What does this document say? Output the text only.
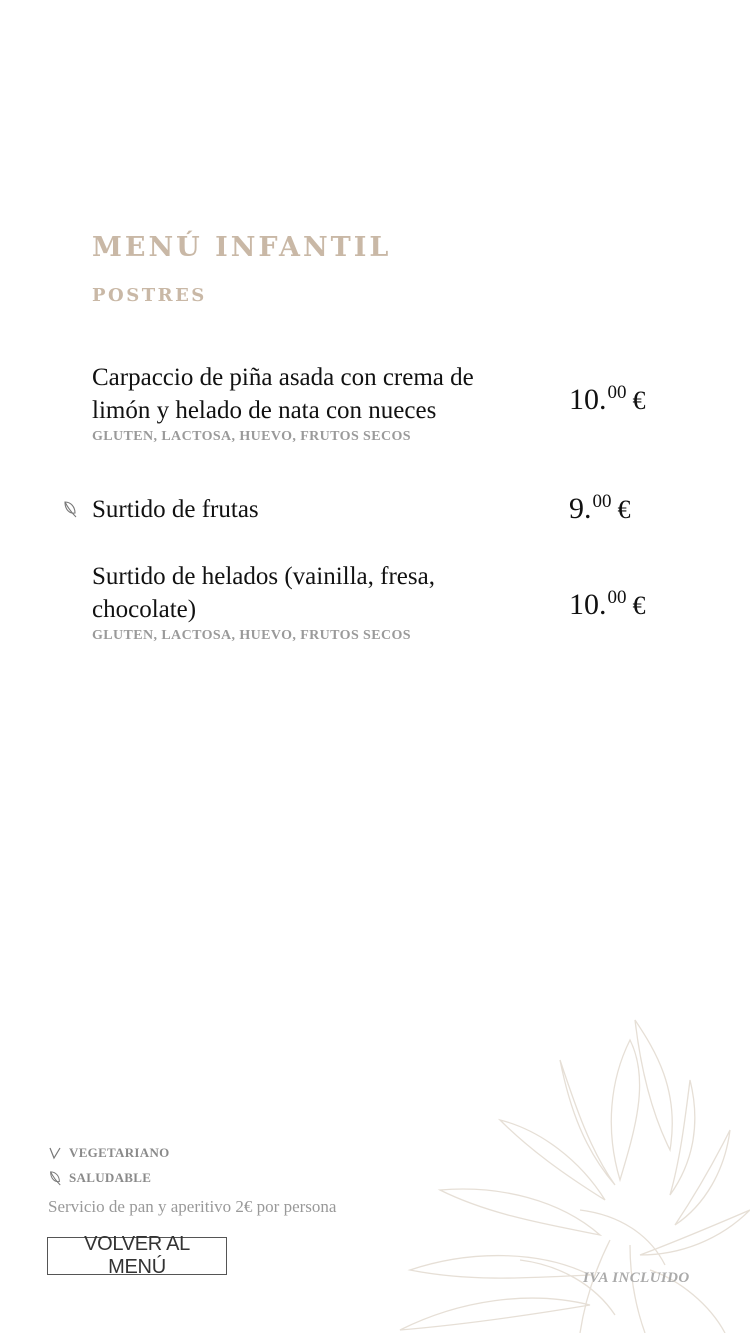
MENÚ INFANTIL
POSTRES
Carpaccio de piña asada con crema de limón y helado de nata con nueces
GLUTEN, LACTOSA, HUEVO, FRUTOS SECOS
10.00 €
Surtido de frutas	9.00 €
Surtido de helados (vainilla, fresa, chocolate)
GLUTEN, LACTOSA, HUEVO, FRUTOS SECOS
10.00 €
VEGETARIANO
SALUDABLE
Servicio de pan y aperitivo 2€ por persona
VOLVER AL MENÚ	IVA INCLUIDO
